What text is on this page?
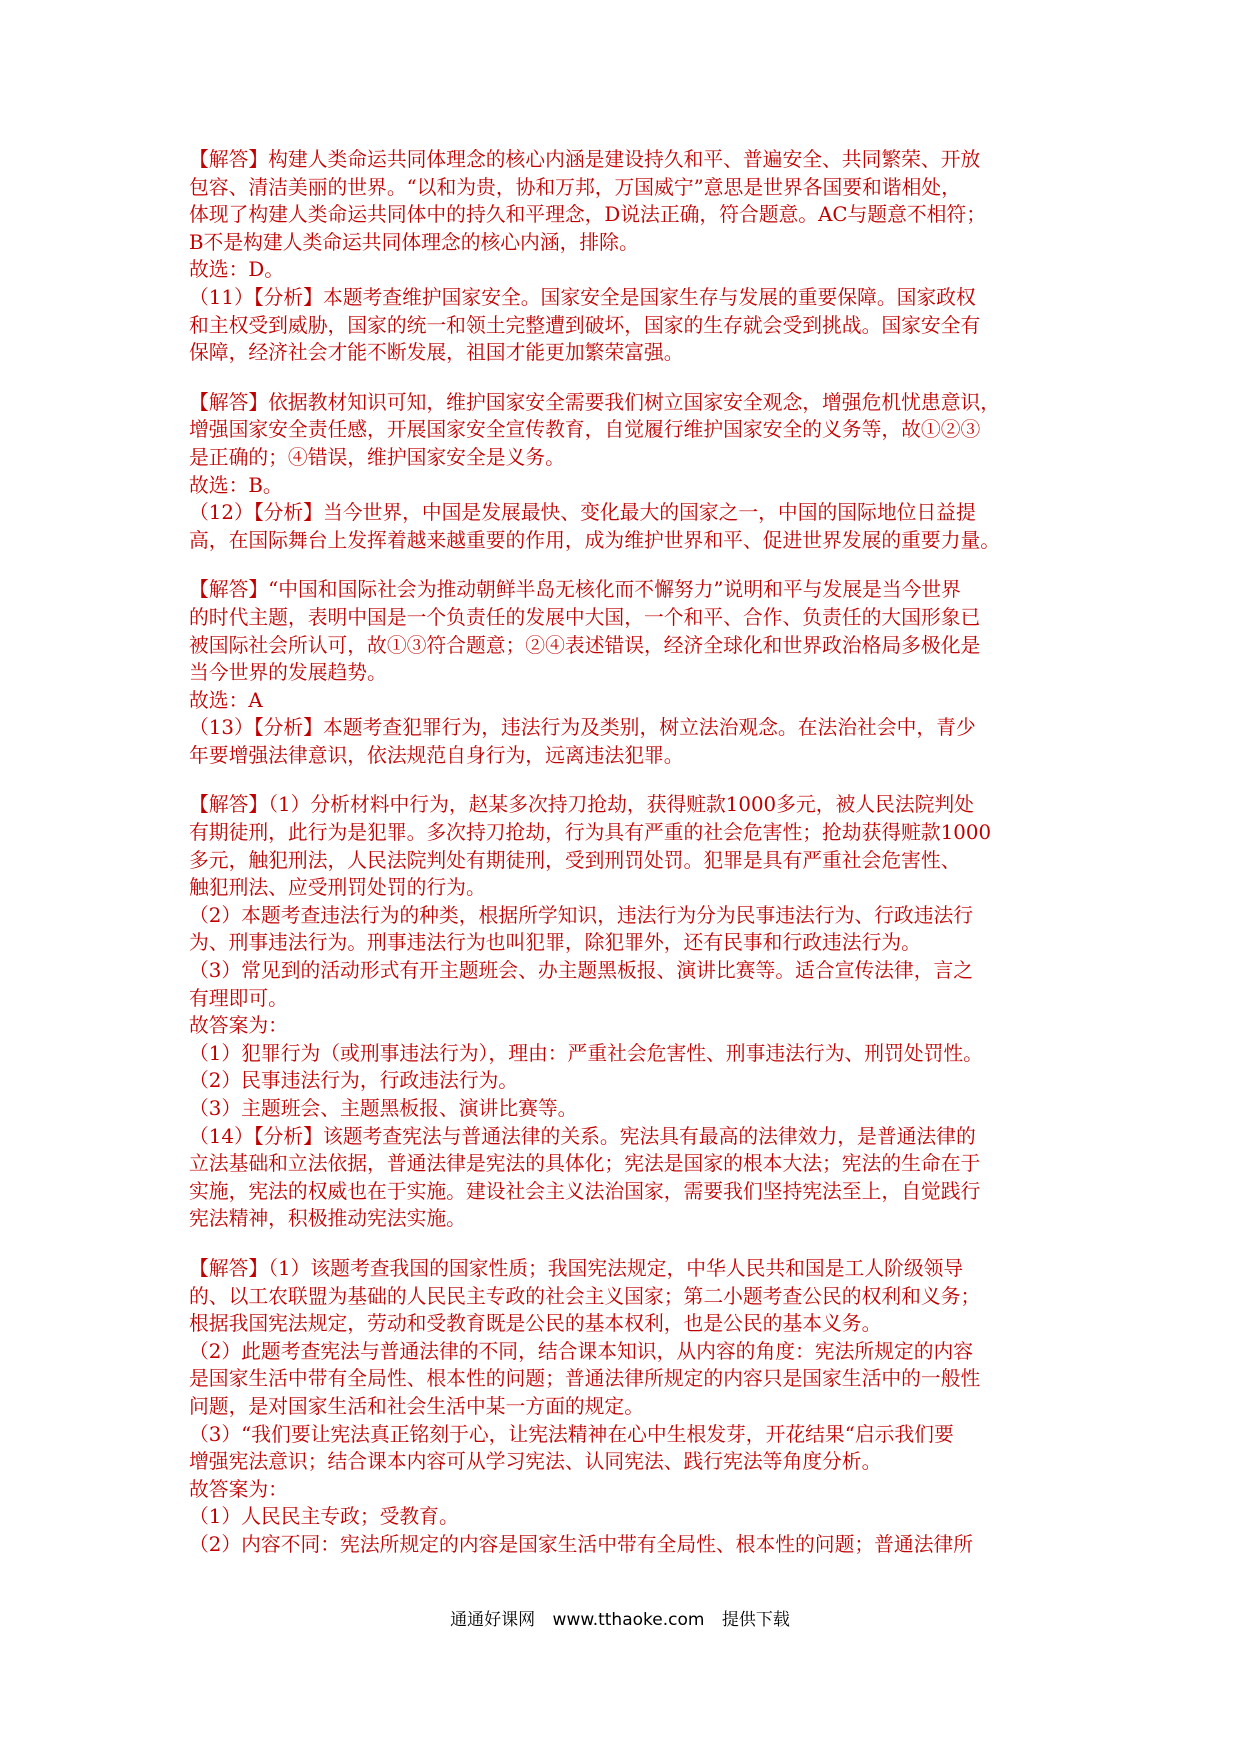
【解答】构建人类命运共同体理念的核心内涵是建设持久和平、普遍安全、共同繁荣、开放

包容、清洁美丽的世界。“以和为贵，协和万邦，万国威宁”意思是世界各国要和谐相处，

体现了构建人类命运共同体中的持久和平理念，D说法正确，符合题意。AC与题意不相符；

B不是构建人类命运共同体理念的核心内涵，排除。

故选：D。

（11）【分析】本题考查维护国家安全。国家安全是国家生存与发展的重要保障。国家政权

和主权受到威胁，国家的统一和领土完整遭到破坏，国家的生存就会受到挑战。国家安全有

保障，经济社会才能不断发展，祖国才能更加繁荣富强。

【解答】依据教材知识可知，维护国家安全需要我们树立国家安全观念，增强危机忧患意识，

增强国家安全责任感，开展国家安全宣传教育，自觉履行维护国家安全的义务等，故①②③

是正确的；④错误，维护国家安全是义务。

故选：B。

（12）【分析】当今世界，中国是发展最快、变化最大的国家之一，中国的国际地位日益提

高，在国际舞台上发挥着越来越重要的作用，成为维护世界和平、促进世界发展的重要力量。

【解答】“中国和国际社会为推动朝鲜半岛无核化而不懈努力”说明和平与发展是当今世界

的时代主题，表明中国是一个负责任的发展中大国，一个和平、合作、负责任的大国形象已

被国际社会所认可，故①③符合题意；②④表述错误，经济全球化和世界政治格局多极化是

当今世界的发展趋势。

故选：A

（13）【分析】本题考查犯罪行为，违法行为及类别，树立法治观念。在法治社会中，青少

年要增强法律意识，依法规范自身行为，远离违法犯罪。

【解答】（1）分析材料中行为，赵某多次持刀抢劫，获得赃款1000多元，被人民法院判处

有期徒刑，此行为是犯罪。多次持刀抢劫，行为具有严重的社会危害性；抢劫获得赃款1000

多元，触犯刑法，人民法院判处有期徒刑，受到刑罚处罚。犯罪是具有严重社会危害性、

触犯刑法、应受刑罚处罚的行为。

（2）本题考查违法行为的种类，根据所学知识，违法行为分为民事违法行为、行政违法行

为、刑事违法行为。刑事违法行为也叫犯罪，除犯罪外，还有民事和行政违法行为。

（3）常见到的活动形式有开主题班会、办主题黑板报、演讲比赛等。适合宣传法律，言之

有理即可。

故答案为：

（1）犯罪行为（或刑事违法行为），理由：严重社会危害性、刑事违法行为、刑罚处罚性。

（2）民事违法行为，行政违法行为。

（3）主题班会、主题黑板报、演讲比赛等。

（14）【分析】该题考查宪法与普通法律的关系。宪法具有最高的法律效力，是普通法律的

立法基础和立法依据，普通法律是宪法的具体化；宪法是国家的根本大法；宪法的生命在于

实施，宪法的权威也在于实施。建设社会主义法治国家，需要我们坚持宪法至上，自觉践行

宪法精神，积极推动宪法实施。

【解答】（1）该题考查我国的国家性质；我国宪法规定，中华人民共和国是工人阶级领导

的、以工农联盟为基础的人民民主专政的社会主义国家；第二小题考查公民的权利和义务；

根据我国宪法规定，劳动和受教育既是公民的基本权利，也是公民的基本义务。

（2）此题考查宪法与普通法律的不同，结合课本知识，从内容的角度：宪法所规定的内容

是国家生活中带有全局性、根本性的问题；普通法律所规定的内容只是国家生活中的一般性

问题，是对国家生活和社会生活中某一方面的规定。

（3）“我们要让宪法真正铭刻于心，让宪法精神在心中生根发芽，开花结果“启示我们要

增强宪法意识；结合课本内容可从学习宪法、认同宪法、践行宪法等角度分析。

故答案为：

（1）人民民主专政；受教育。

（2）内容不同：宪法所规定的内容是国家生活中带有全局性、根本性的问题；普通法律所

通通好课网 www.tthaoke.com 提供下载
